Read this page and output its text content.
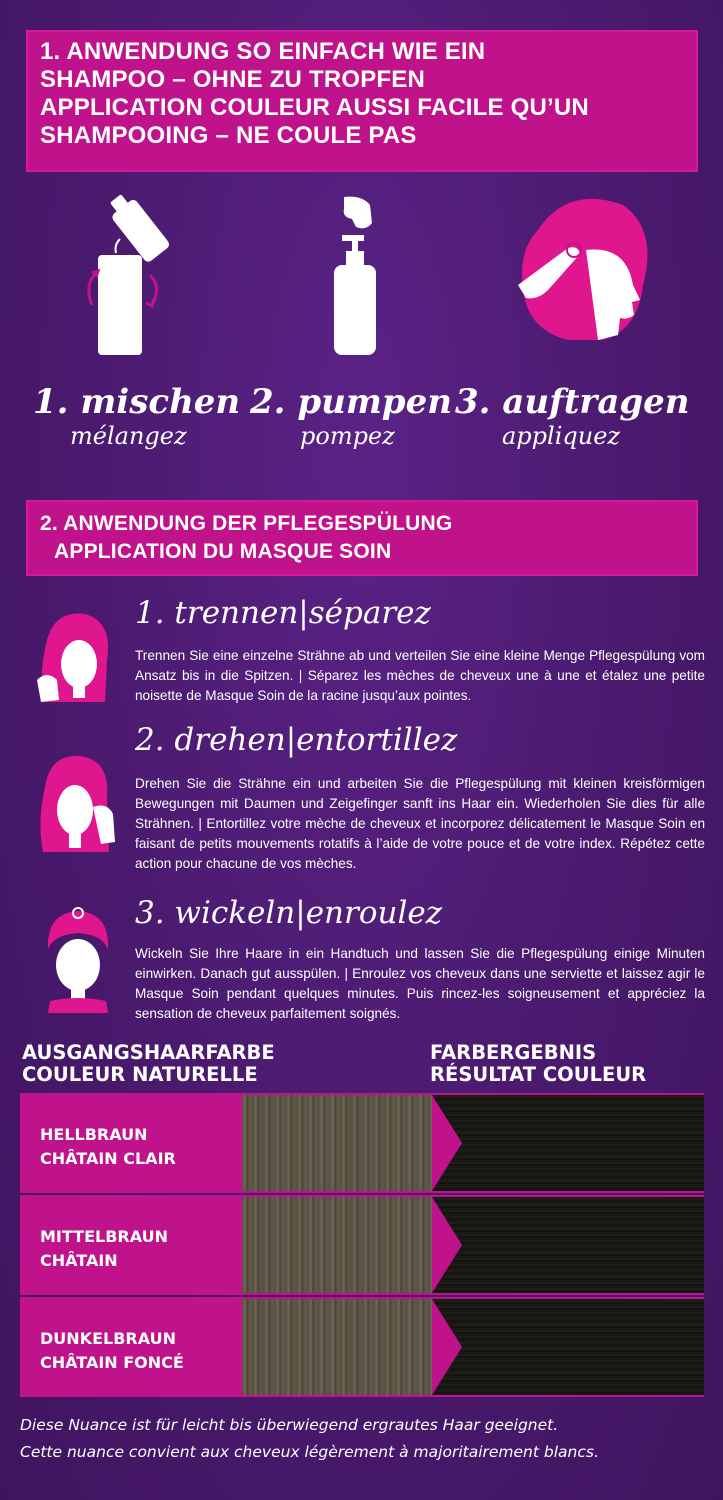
1. ANWENDUNG SO EINFACH WIE EIN
SHAMPOO – OHNE ZU TROPFEN
APPLICATION COULEUR AUSSI FACILE QU’UN
SHAMPOOING – NE COULE PAS
1. mischen
mélangez
2. pumpen
pompez
3. auftragen
appliquez
2. ANWENDUNG DER PFLEGESPÜLUNG
APPLICATION DU MASQUE SOIN
1. trennen|séparez
Trennen Sie eine einzelne Strähne ab und verteilen Sie eine kleine Menge Pflegespülung vom Ansatz bis in die Spitzen. | Séparez les mèches de cheveux une à une et étalez une petite noisette de Masque Soin de la racine jusqu’aux pointes.
2. drehen|entortillez
Drehen Sie die Strähne ein und arbeiten Sie die Pflegespülung mit kleinen kreisförmigen Bewegungen mit Daumen und Zeigefinger sanft ins Haar ein. Wiederholen Sie dies für alle Strähnen. | Entortillez votre mèche de cheveux et incorporez délicatement le Masque Soin en faisant de petits mouvements rotatifs à l’aide de votre pouce et de votre index. Répétez cette action pour chacune de vos mèches.
3. wickeln|enroulez
Wickeln Sie Ihre Haare in ein Handtuch und lassen Sie die Pflegespülung einige Minuten einwirken. Danach gut ausspülen. | Enroulez vos cheveux dans une serviette et laissez agir le Masque Soin pendant quelques minutes. Puis rincez-les soigneusement et appréciez la sensation de cheveux parfaitement soignés.
AUSGANGSHAARFARBE
COULEUR NATURELLE
FARBERGEBNIS
RÉSULTAT COULEUR
HELLBRAUN
CHÂTAIN CLAIR
MITTELBRAUN
CHÂTAIN
DUNKELBRAUN
CHÂTAIN FONCÉ
Diese Nuance ist für leicht bis überwiegend ergrautes Haar geeignet.
Cette nuance convient aux cheveux légèrement à majoritairement blancs.
